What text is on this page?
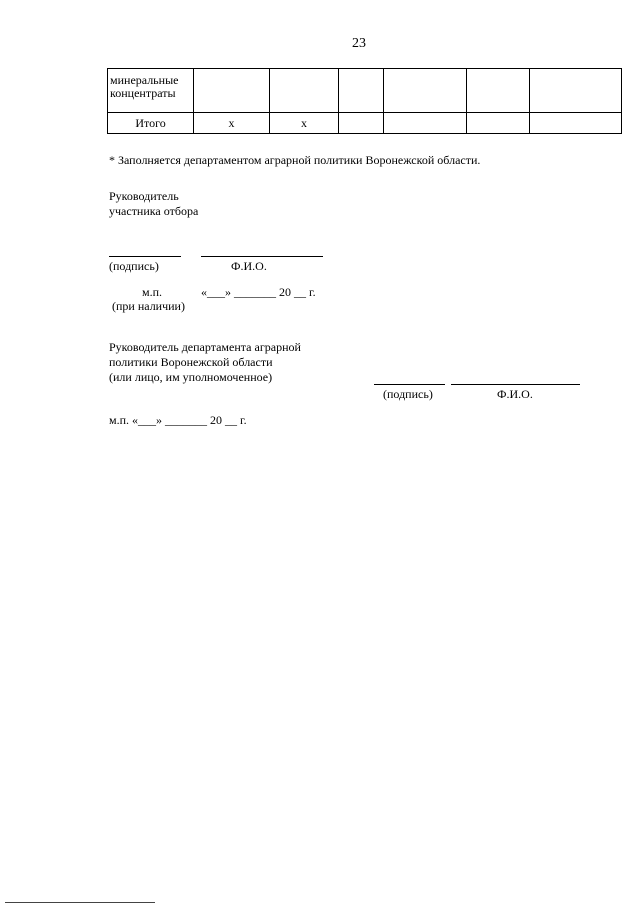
23
минеральные
концентраты						

Итого	х	х				
* Заполняется департаментом аграрной политики Воронежской области.
Руководитель
участника отбора
(подпись)	Ф.И.О.
м.п.	«___» _______ 20 __ г.
(при наличии)
Руководитель департамента аграрной
политики Воронежской области
(или лицо, им уполномоченное)
(подпись)	Ф.И.О.
м.п. «___» _______ 20 __ г.
